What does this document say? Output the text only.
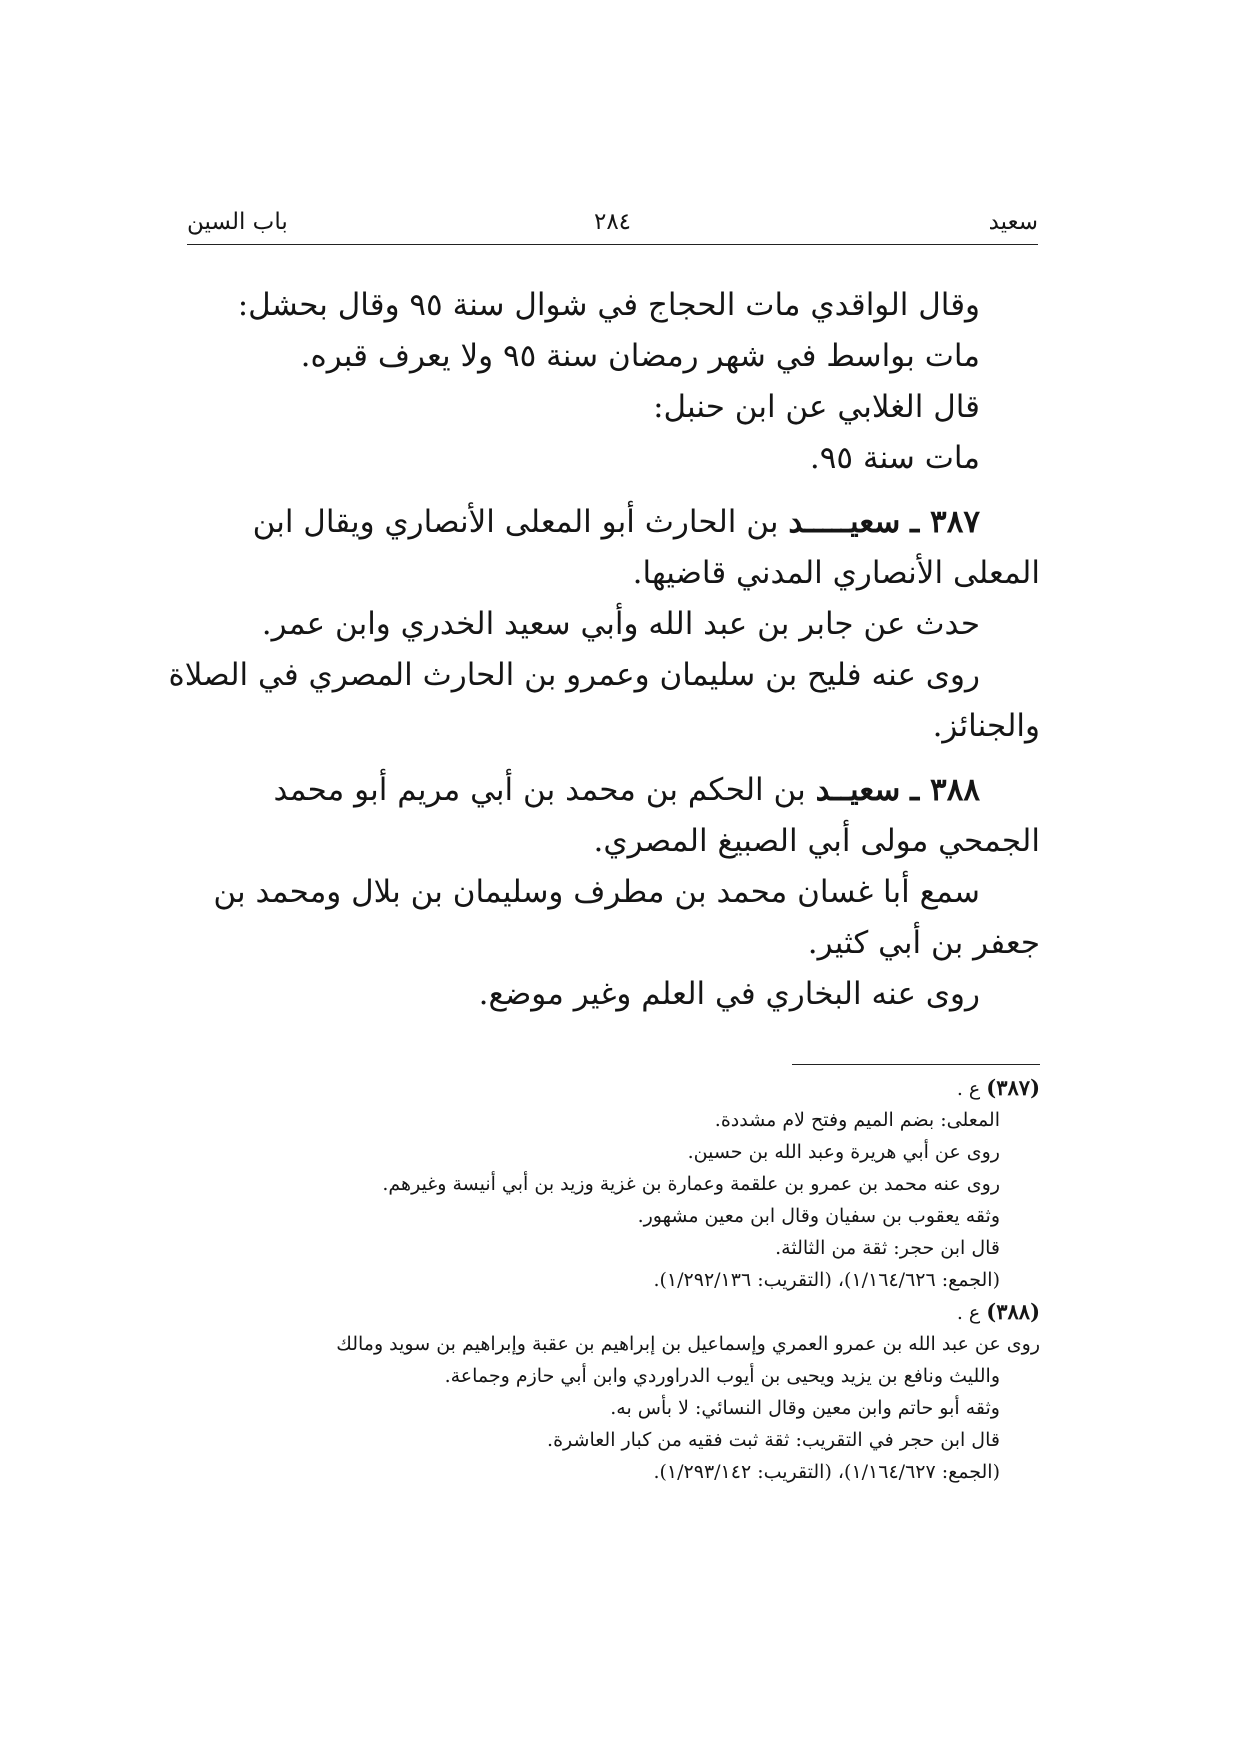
سعيد
٢٨٤
باب السين
وقال الواقدي مات الحجاج في شوال سنة ٩٥ وقال بحشل:
مات بواسط في شهر رمضان سنة ٩٥ ولا يعرف قبره.
قال الغلابي عن ابن حنبل:
مات سنة ٩٥.
٣٨٧ ـ سعيـــــد بن الحارث أبو المعلى الأنصاري ويقال ابن
المعلى الأنصاري المدني قاضيها.
حدث عن جابر بن عبد الله وأبي سعيد الخدري وابن عمر.
روى عنه فليح بن سليمان وعمرو بن الحارث المصري في الصلاة
والجنائز.
٣٨٨ ـ سعيــد بن الحكم بن محمد بن أبي مريم أبو محمد
الجمحي مولى أبي الصبيغ المصري.
سمع أبا غسان محمد بن مطرف وسليمان بن بلال ومحمد بن
جعفر بن أبي كثير.
روى عنه البخاري في العلم وغير موضع.
(٣٨٧) ع .
المعلى: بضم الميم وفتح لام مشددة.
روى عن أبي هريرة وعبد الله بن حسين.
روى عنه محمد بن عمرو بن علقمة وعمارة بن غزية وزيد بن أبي أنيسة وغيرهم.
وثقه يعقوب بن سفيان وقال ابن معين مشهور.
قال ابن حجر: ثقة من الثالثة.
(الجمع: ١/١٦٤/٦٢٦)، (التقريب: ١/٢٩٢/١٣٦).
(٣٨٨) ع .
روى عن عبد الله بن عمرو العمري وإسماعيل بن إبراهيم بن عقبة وإبراهيم بن سويد ومالك
والليث ونافع بن يزيد ويحيى بن أيوب الدراوردي وابن أبي حازم وجماعة.
وثقه أبو حاتم وابن معين وقال النسائي: لا بأس به.
قال ابن حجر في التقريب: ثقة ثبت فقيه من كبار العاشرة.
(الجمع: ١/١٦٤/٦٢٧)، (التقريب: ١/٢٩٣/١٤٢).
